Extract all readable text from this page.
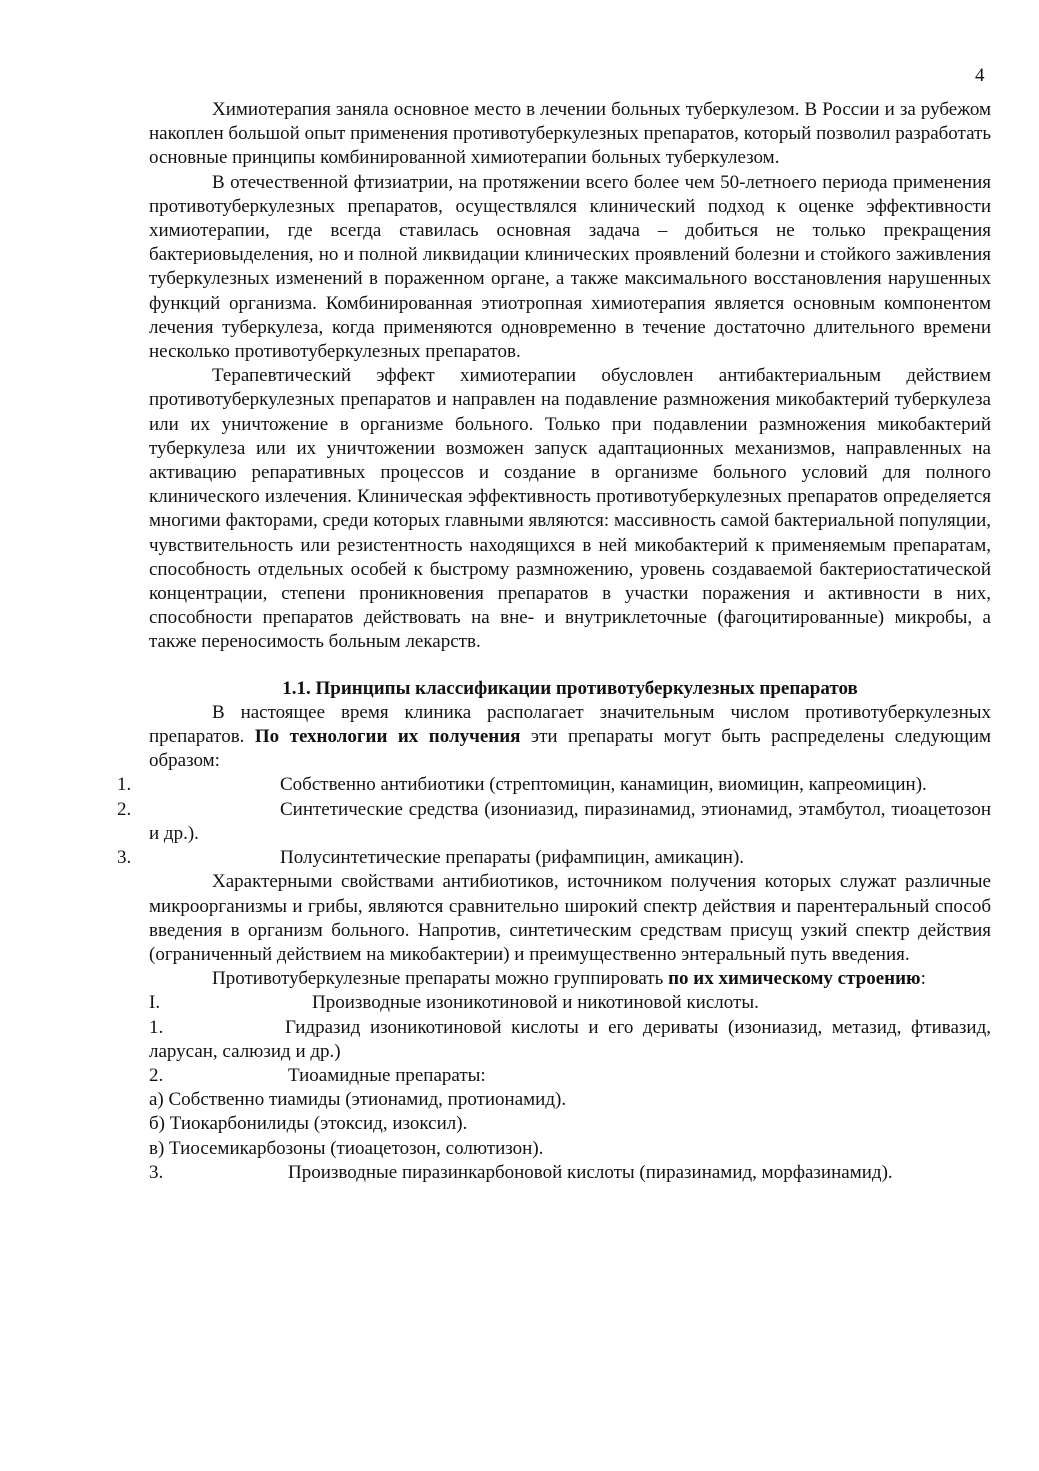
4

Химиотерапия заняла основное место в лечении больных туберкулезом. В России и за рубежом накоплен большой опыт применения противотуберкулезных препаратов, который позволил разработать основные принципы комбинированной химиотерапии больных туберкулезом.

В отечественной фтизиатрии, на протяжении всего более чем 50-летноего периода применения противотуберкулезных препаратов, осуществлялся клинический подход к оценке эффективности химиотерапии, где всегда ставилась основная задача – добиться не только прекращения бактериовыделения, но и полной ликвидации клинических проявлений болезни и стойкого заживления туберкулезных изменений в пораженном органе, а также максимального восстановления нарушенных функций организма. Комбинированная этиотропная химиотерапия является основным компонентом лечения туберкулеза, когда применяются одновременно в течение достаточно длительного времени несколько противотуберкулезных препаратов.

Терапевтический эффект химиотерапии обусловлен антибактериальным действием противотуберкулезных препаратов и направлен на подавление размножения микобактерий туберкулеза или их уничтожение в организме больного. Только при подавлении размножения микобактерий туберкулеза или их уничтожении возможен запуск адаптационных механизмов, направленных на активацию репаративных процессов и создание в организме больного условий для полного клинического излечения. Клиническая эффективность противотуберкулезных препаратов определяется многими факторами, среди которых главными являются: массивность самой бактериальной популяции, чувствительность или резистентность находящихся в ней микобактерий к применяемым препаратам, способность отдельных особей к быстрому размножению, уровень создаваемой бактериостатической концентрации, степени проникновения препаратов в участки поражения и активности в них, способности препаратов действовать на вне- и внутриклеточные (фагоцитированные) микробы, а также переносимость больным лекарств.

1.1. Принципы классификации противотуберкулезных препаратов

В настоящее время клиника располагает значительным числом противотуберкулезных препаратов. По технологии их получения эти препараты могут быть распределены следующим образом:

1.	Собственно антибиотики (стрептомицин, канамицин, виомицин, капреомицин).
2.	Синтетические средства (изониазид, пиразинамид, этионамид, этамбутол, тиоацетозон и др.).
3.	Полусинтетические препараты (рифампицин, амикацин).

Характерными свойствами антибиотиков, источником получения которых служат различные микроорганизмы и грибы, являются сравнительно широкий спектр действия и парентеральный способ введения в организм больного. Напротив, синтетическим средствам присущ узкий спектр действия (ограниченный действием на микобактерии) и преимущественно энтеральный путь введения.

Противотуберкулезные препараты можно группировать по их химическому строению:

I.	Производные изоникотиновой и никотиновой кислоты.
1.	Гидразид изоникотиновой кислоты и его дериваты (изониазид, метазид, фтивазид, ларусан, салюзид и др.)
2.	Тиоамидные препараты:
а) Собственно тиамиды (этионамид, протионамид).
б) Тиокарбонилиды (этоксид, изоксил).
в) Тиосемикарбозоны (тиоацетозон, солютизон).
3.	Производные пиразинкарбоновой кислоты (пиразинамид, морфазинамид).
